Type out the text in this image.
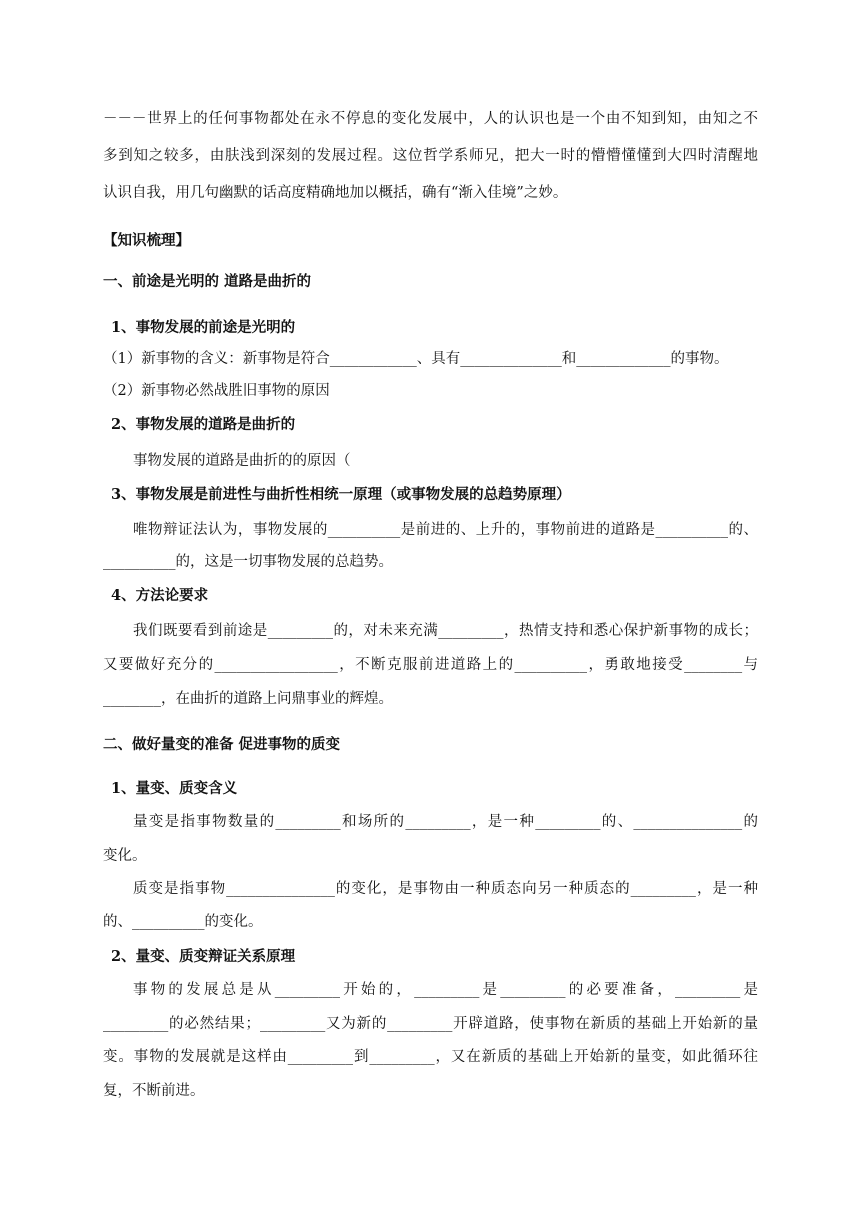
－－－世界上的任何事物都处在永不停息的变化发展中，人的认识也是一个由不知到知，由知之不
多到知之较多，由肤浅到深刻的发展过程。这位哲学系师兄，把大一时的懵懵懂懂到大四时清醒地
认识自我，用几句幽默的话高度精确地加以概括，确有“渐入佳境”之妙。
【知识梳理】
一、前途是光明的 道路是曲折的
1、事物发展的前途是光明的
（1）新事物的含义：新事物是符合____________、具有______________和_____________的事物。
（2）新事物必然战胜旧事物的原因
2、事物发展的道路是曲折的
事物发展的道路是曲折的的原因（
3、事物发展是前进性与曲折性相统一原理（或事物发展的总趋势原理）
唯物辩证法认为，事物发展的__________是前进的、上升的，事物前进的道路是__________的、
__________的，这是一切事物发展的总趋势。
4、方法论要求
我们既要看到前途是_________的，对未来充满_________，热情支持和悉心保护新事物的成长；
又要做好充分的_________________，不断克服前进道路上的__________，勇敢地接受________与
________，在曲折的道路上问鼎事业的辉煌。
二、做好量变的准备 促进事物的质变
1、量变、质变含义
量变是指事物数量的_________和场所的_________，是一种_________的、_______________的
变化。
质变是指事物_______________的变化，是事物由一种质态向另一种质态的_________，是一种
的、__________的变化。
2、量变、质变辩证关系原理
事物的发展总是从_________开始的，_________是_________的必要准备，_________是
_________的必然结果；_________又为新的_________开辟道路，使事物在新质的基础上开始新的量
变。事物的发展就是这样由_________到_________，又在新质的基础上开始新的量变，如此循环往
复，不断前进。
